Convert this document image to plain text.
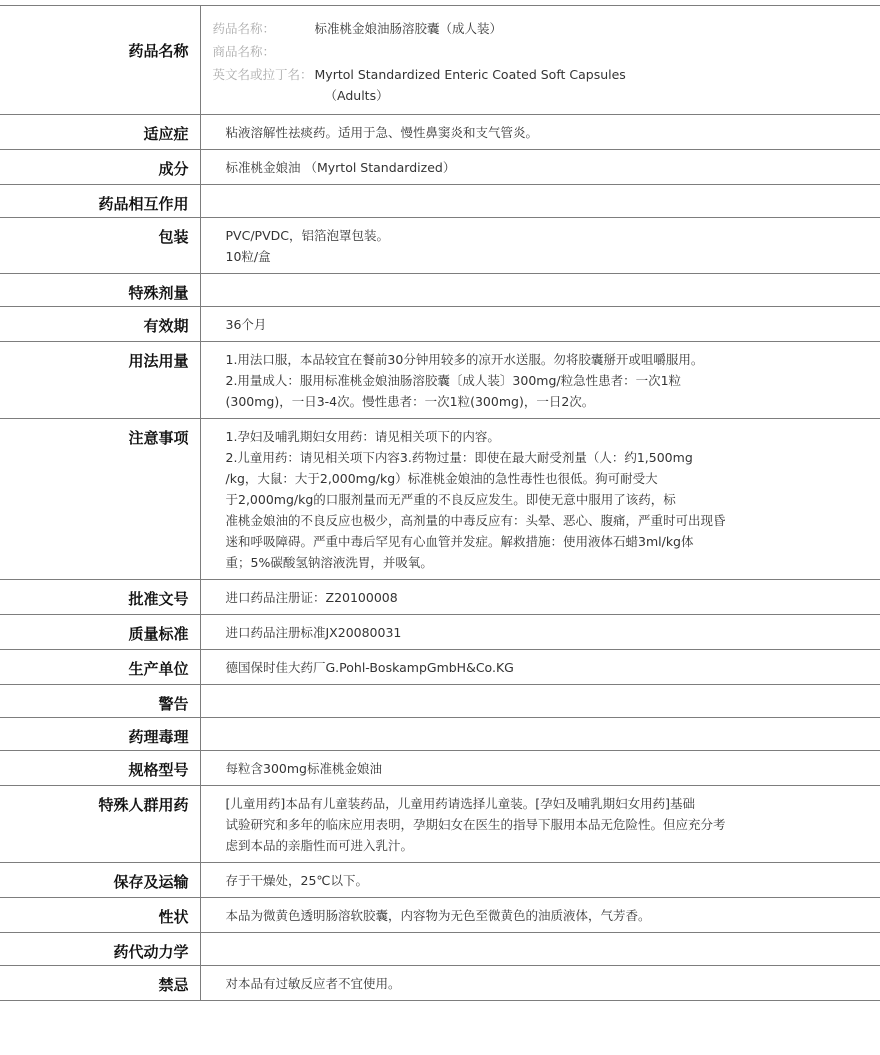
药品名称	
药品名称：	标准桃金娘油肠溶胶囊（成人装）
商品名称：	
英文名或拉丁名：	Myrtol Standardized Enteric Coated Soft Capsules
（Adults）

适应症	粘液溶解性祛痰药。适用于急、慢性鼻窦炎和支气管炎。

成分	标准桃金娘油 （Myrtol Standardized）

药品相互作用	
包装	PVC/PVDC，铝箔泡罩包装。
10粒/盒

特殊剂量	
有效期	36个月

用法用量	1.用法口服，本品较宜在餐前30分钟用较多的凉开水送服。勿将胶囊掰开或咀嚼服用。
2.用量成人：服用标准桃金娘油肠溶胶囊〔成人装〕300mg/粒急性患者：一次1粒
(300mg)，一日3-4次。慢性患者：一次1粒(300mg)，一日2次。

注意事项	1.孕妇及哺乳期妇女用药：请见相关项下的内容。
2.儿童用药：请见相关项下内容3.药物过量：即使在最大耐受剂量（人：约1,500mg
/kg，大鼠：大于2,000mg/kg）标准桃金娘油的急性毒性也很低。狗可耐受大
于2,000mg/kg的口服剂量而无严重的不良反应发生。即使无意中服用了该药，标
准桃金娘油的不良反应也极少，高剂量的中毒反应有：头晕、恶心、腹痛，严重时可出现昏
迷和呼吸障碍。严重中毒后罕见有心血管并发症。解救措施：使用液体石蜡3ml/kg体
重；5%碳酸氢钠溶液洗胃，并吸氧。

批准文号	进口药品注册证：Z20100008

质量标准	进口药品注册标准JX20080031

生产单位	德国保时佳大药厂G.Pohl-BoskampGmbH&Co.KG

警告	
药理毒理	
规格型号	每粒含300mg标准桃金娘油

特殊人群用药	[儿童用药]本品有儿童装药品，儿童用药请选择儿童装。[孕妇及哺乳期妇女用药]基础
试验研究和多年的临床应用表明，孕期妇女在医生的指导下服用本品无危险性。但应充分考
虑到本品的亲脂性而可进入乳汁。

保存及运输	存于干燥处，25℃以下。

性状	本品为微黄色透明肠溶软胶囊，内容物为无色至微黄色的油质液体，气芳香。

药代动力学	
禁忌	对本品有过敏反应者不宜使用。
